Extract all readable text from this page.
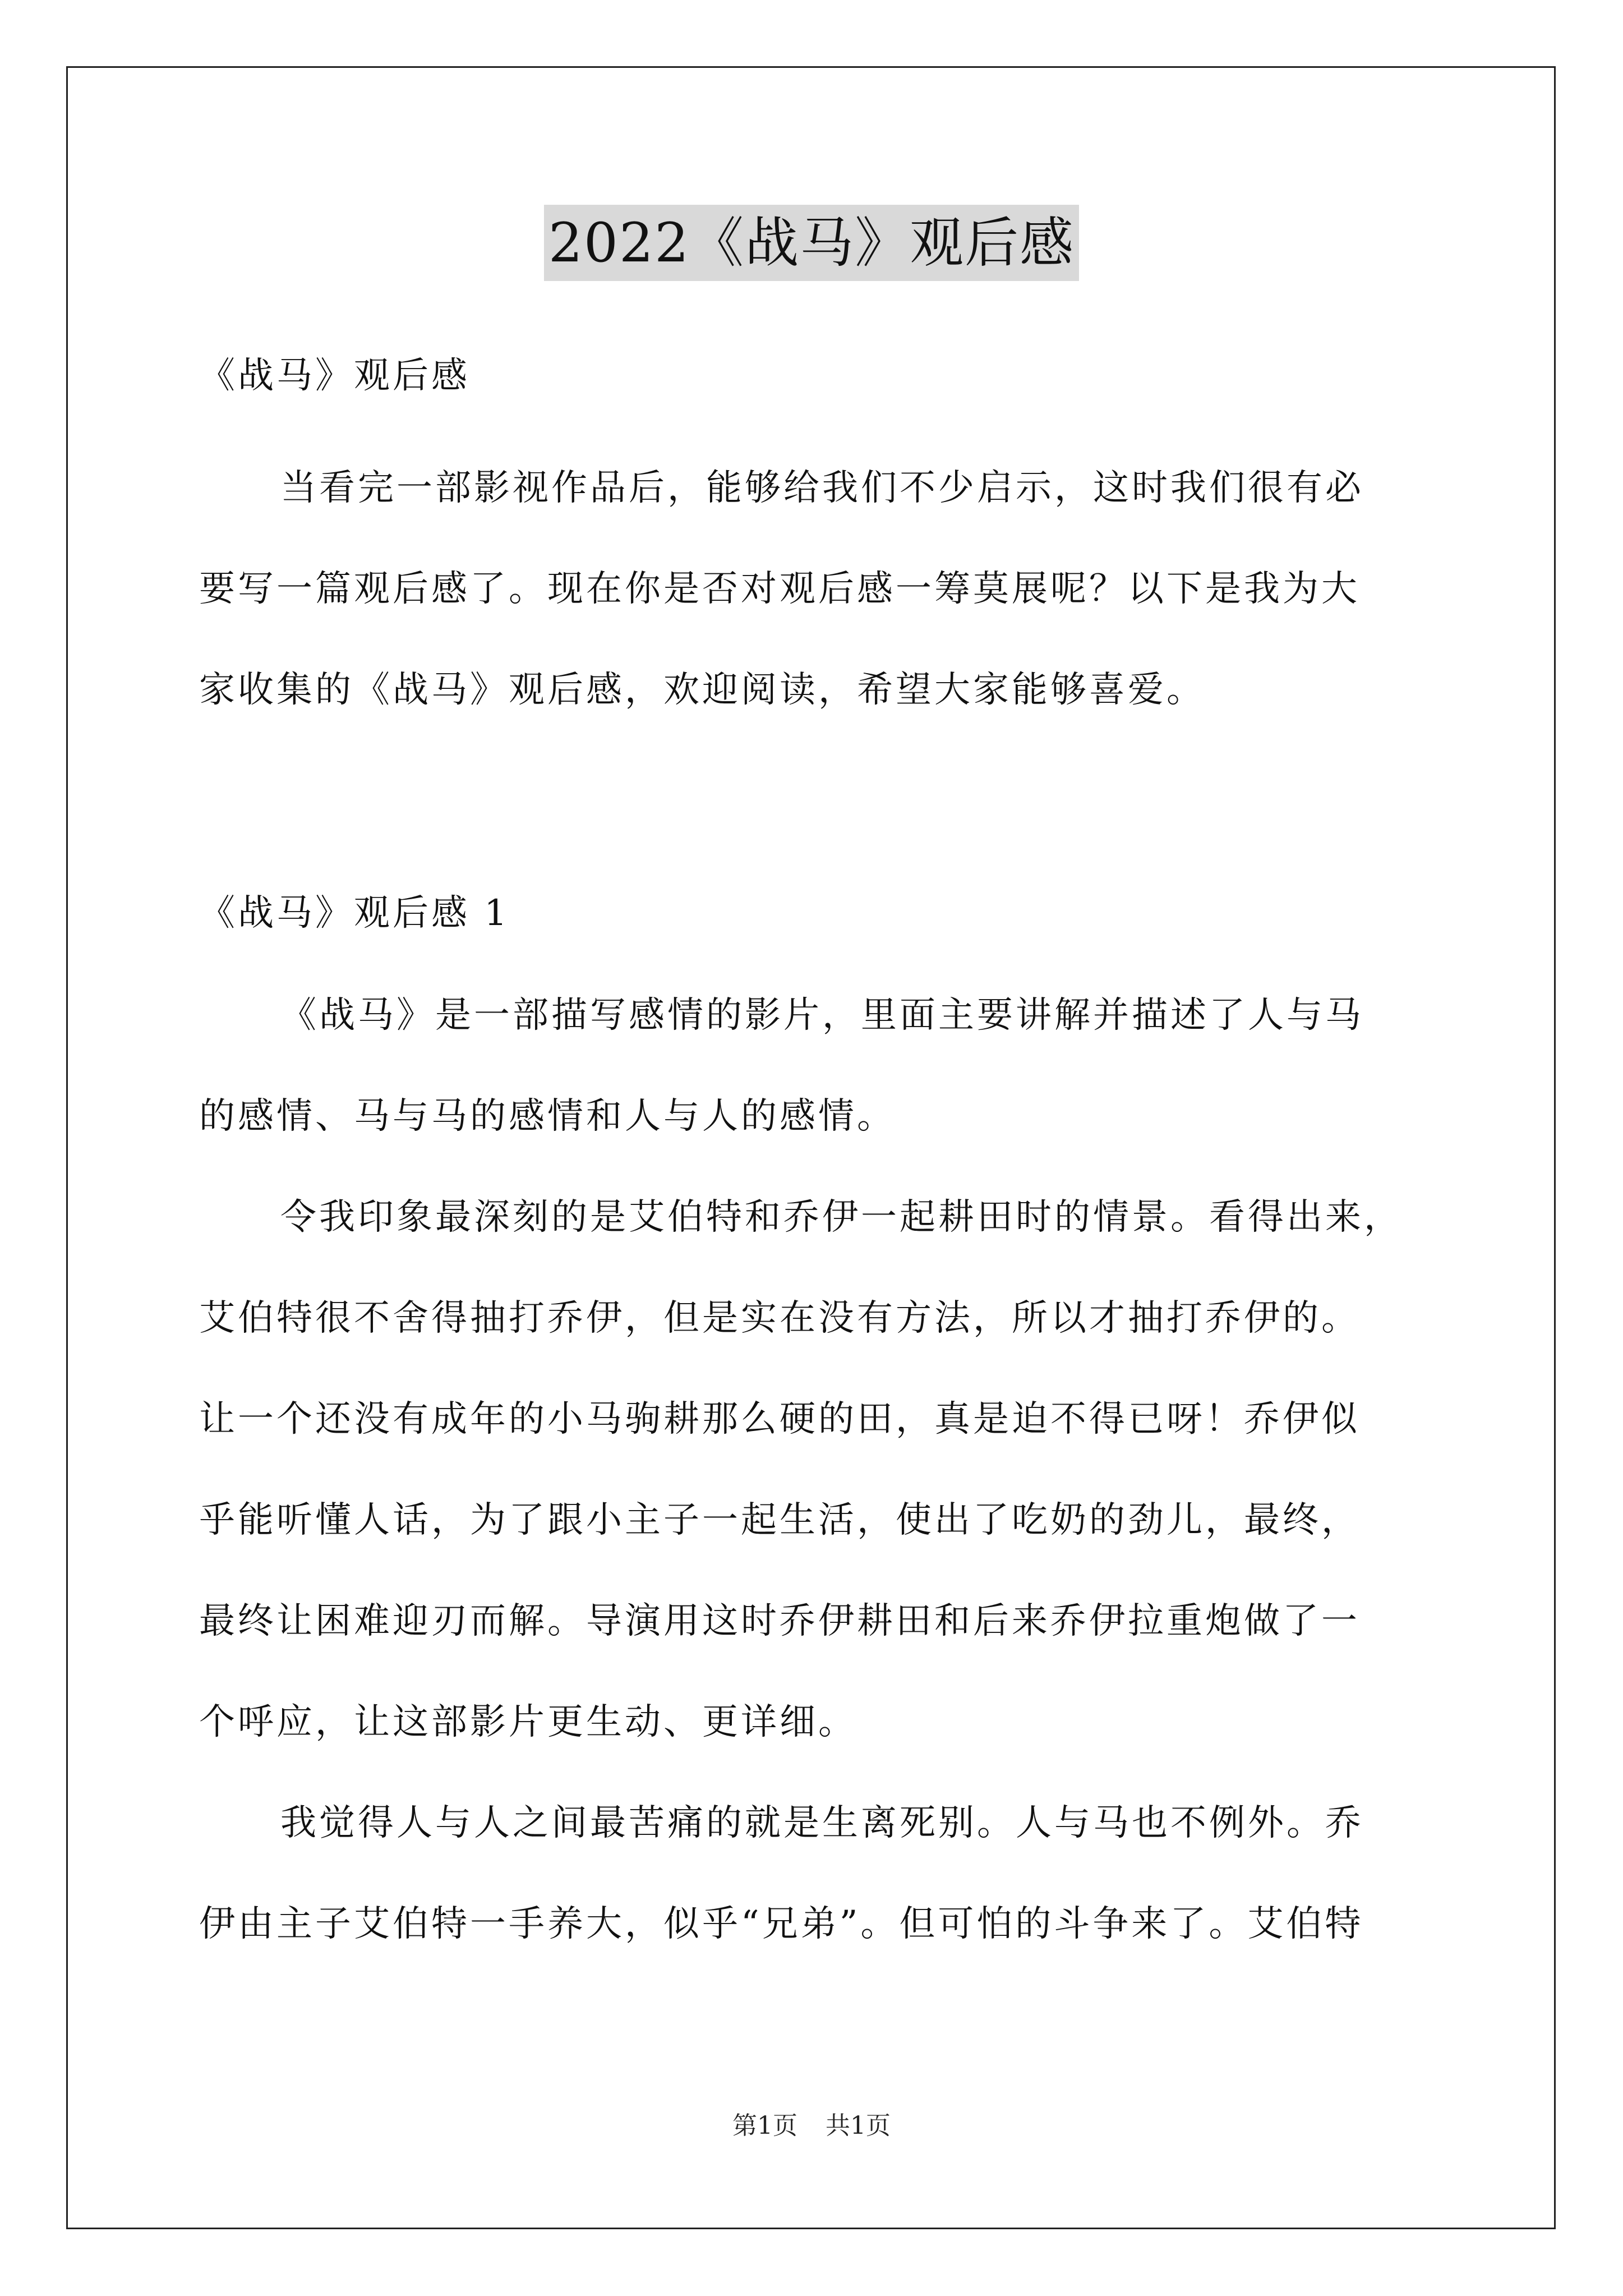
2022《战马》观后感
《战马》观后感
当看完一部影视作品后，能够给我们不少启示，这时我们很有必
要写一篇观后感了。现在你是否对观后感一筹莫展呢？以下是我为大
家收集的《战马》观后感，欢迎阅读，希望大家能够喜爱。
《战马》观后感 1
《战马》是一部描写感情的影片，里面主要讲解并描述了人与马
的感情、马与马的感情和人与人的感情。
令我印象最深刻的是艾伯特和乔伊一起耕田时的情景。看得出来，
艾伯特很不舍得抽打乔伊，但是实在没有方法，所以才抽打乔伊的。
让一个还没有成年的小马驹耕那么硬的田，真是迫不得已呀！乔伊似
乎能听懂人话，为了跟小主子一起生活，使出了吃奶的劲儿，最终，
最终让困难迎刃而解。导演用这时乔伊耕田和后来乔伊拉重炮做了一
个呼应，让这部影片更生动、更详细。
我觉得人与人之间最苦痛的就是生离死别。人与马也不例外。乔
伊由主子艾伯特一手养大，似乎“兄弟”。但可怕的斗争来了。艾伯特
第1页 共1页
